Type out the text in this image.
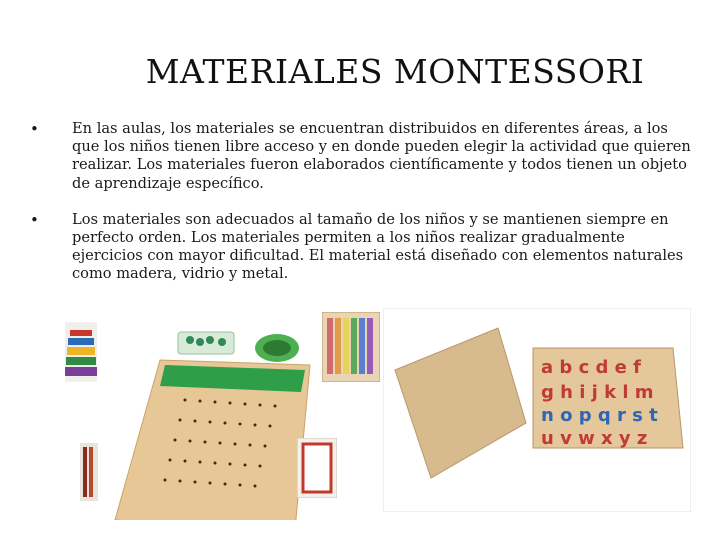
MATERIALES MONTESSORI
• En las aulas, los materiales se encuentran distribuidos en diferentes áreas, a los que los niños tienen libre acceso y en donde pueden elegir la actividad que quieren realizar. Los materiales fueron elaborados científicamente y todos tienen un objeto de aprendizaje específico.
• Los materiales son adecuados al tamaño de los niños y se mantienen siempre en perfecto orden. Los materiales permiten a los niños realizar gradualmente ejercicios con mayor dificultad. El material está diseñado con elementos naturales como madera, vidrio y metal.
a b c d e f
g h i j k l m
n o p q r s t
u v w x y z
